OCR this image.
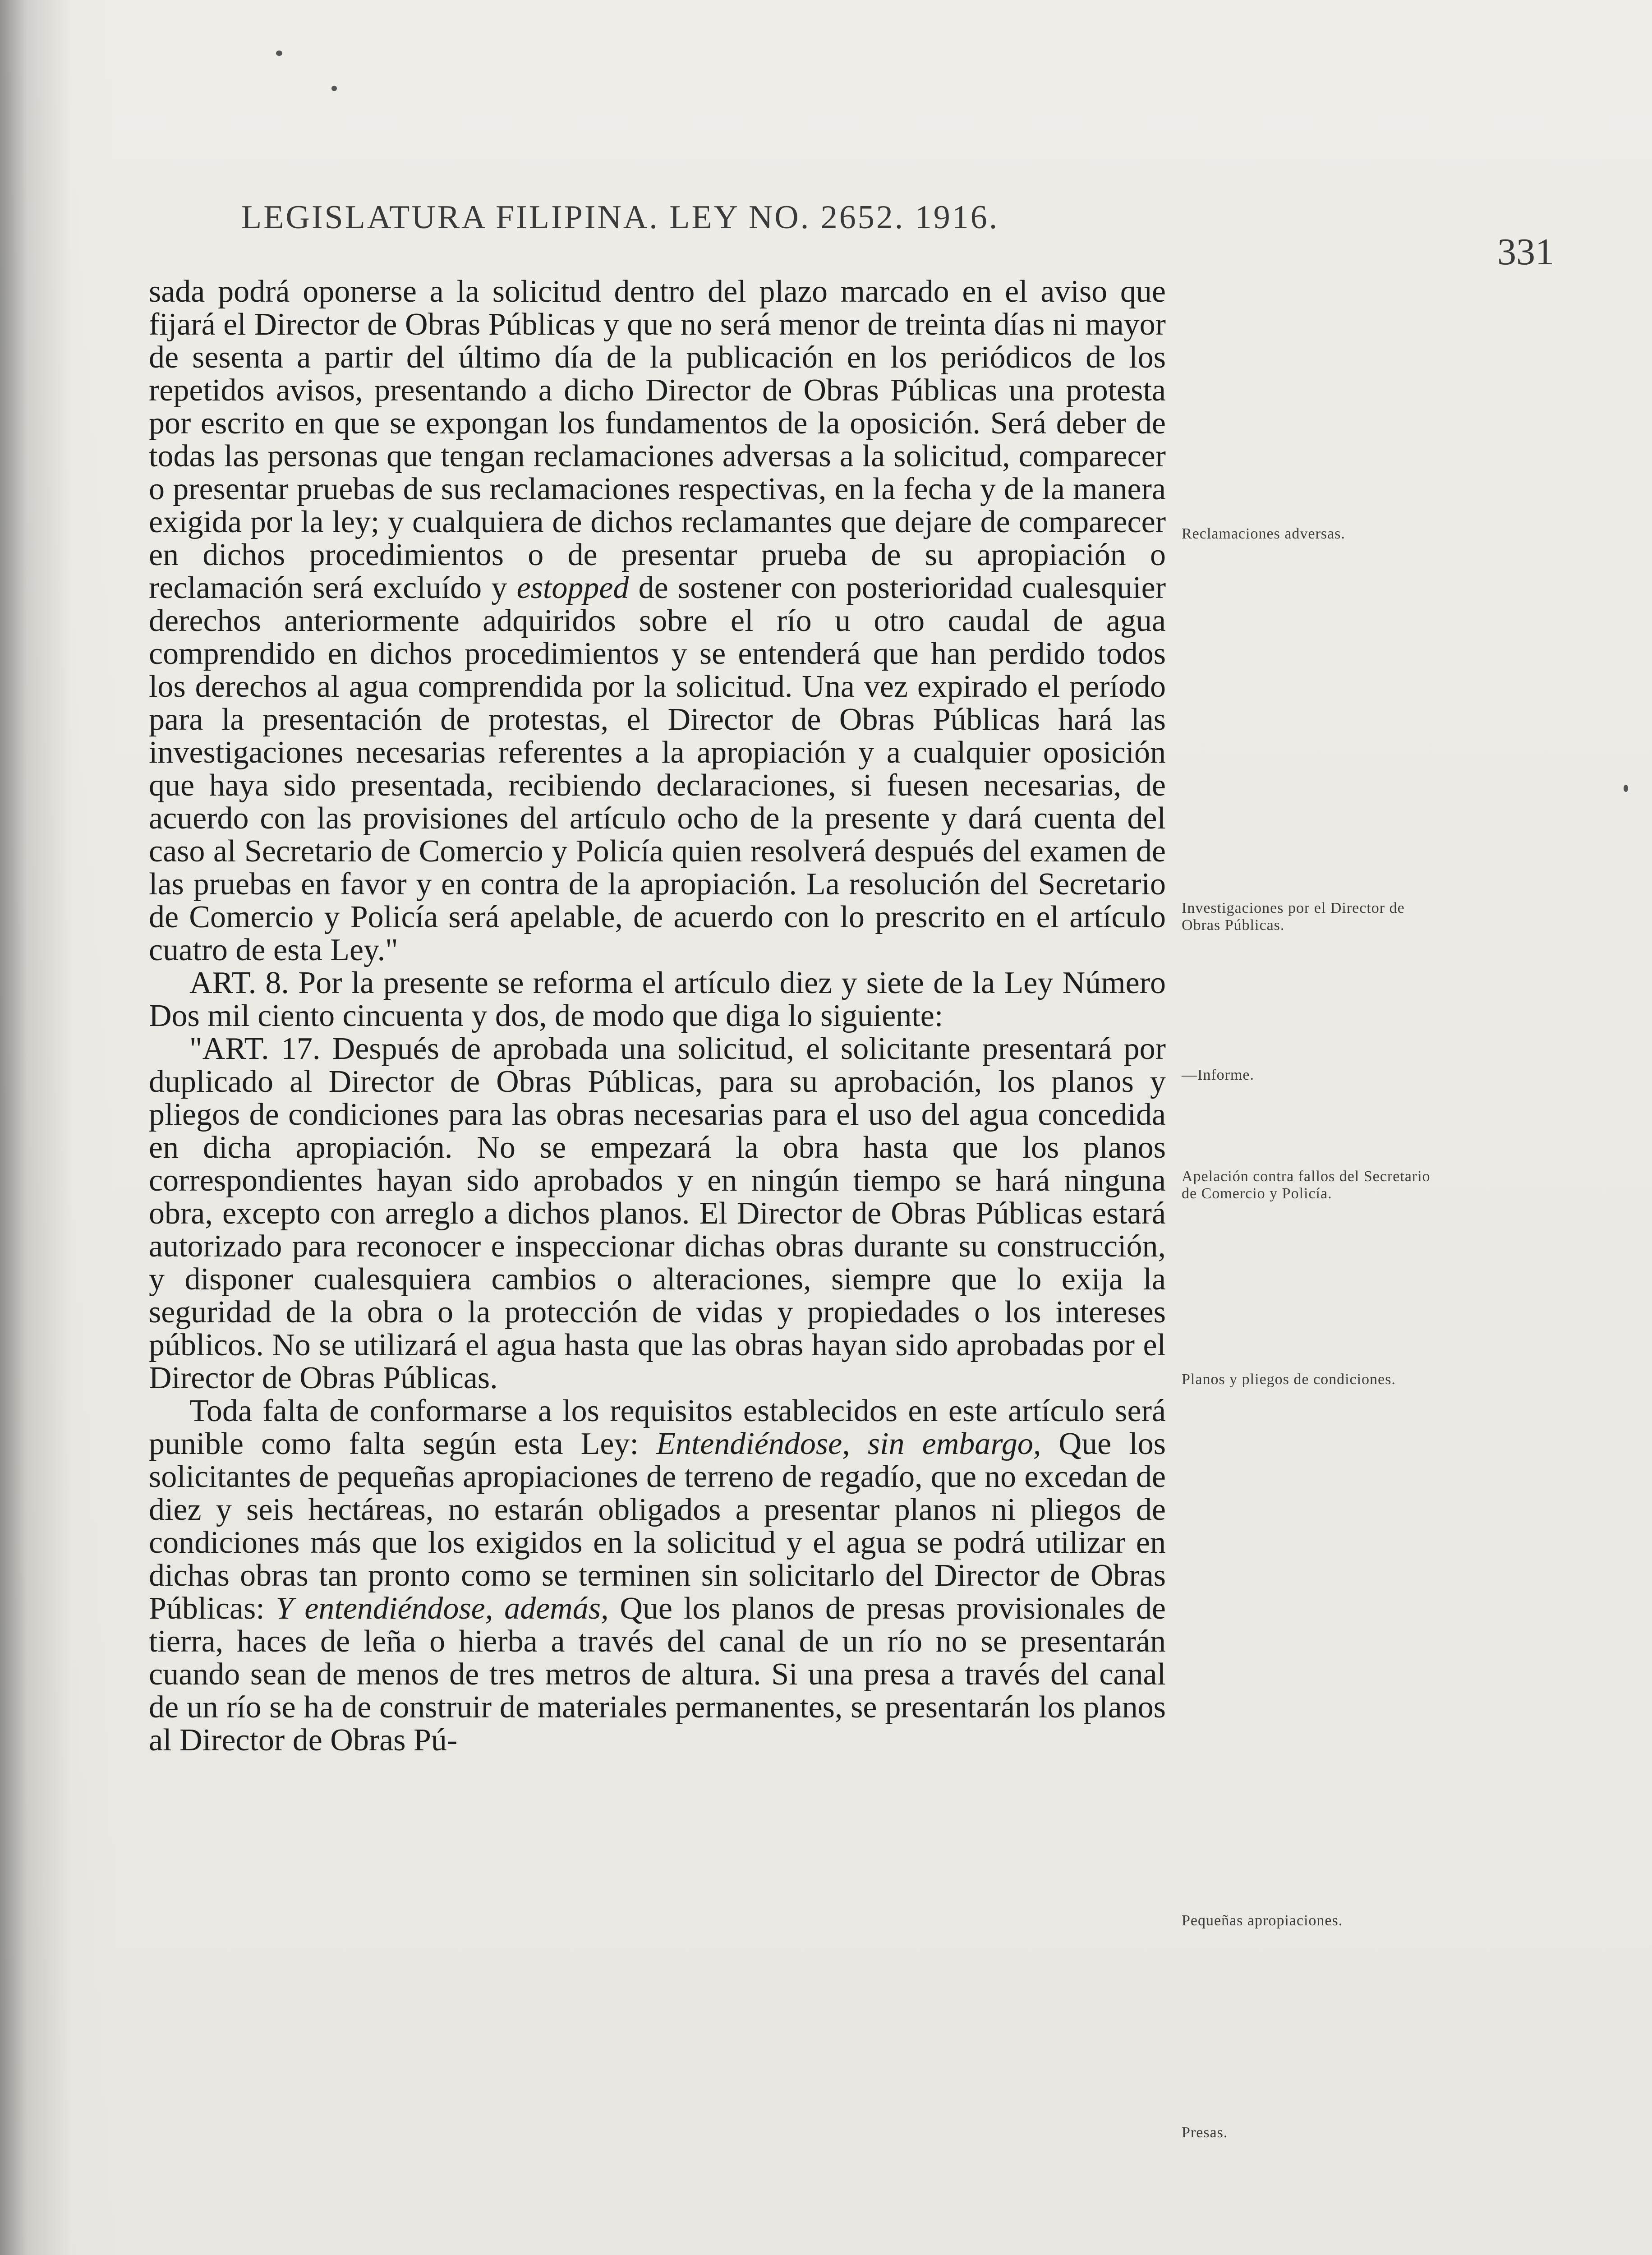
LEGISLATURA FILIPINA. LEY NO. 2652. 1916.
331

sada podrá oponerse a la solicitud dentro del plazo marcado en el aviso que fijará el Director de Obras Públicas y que no será menor de treinta días ni mayor de sesenta a partir del último día de la publicación en los periódicos de los repetidos avisos, presentando a dicho Director de Obras Públicas una protesta por escrito en que se expongan los fundamentos de la oposición. Será deber de todas las personas que tengan reclamaciones adversas a la solicitud, comparecer o presentar pruebas de sus reclamaciones respectivas, en la fecha y de la manera exigida por la ley; y cualquiera de dichos reclamantes que dejare de comparecer en dichos procedimientos o de presentar prueba de su apropiación o reclamación será excluído y estopped de sostener con posterioridad cualesquier derechos anteriormente adquiridos sobre el río u otro caudal de agua comprendido en dichos procedimientos y se entenderá que han perdido todos los derechos al agua comprendida por la solicitud. Una vez expirado el período para la presentación de protestas, el Director de Obras Públicas hará las investigaciones necesarias referentes a la apropiación y a cualquier oposición que haya sido presentada, recibiendo declaraciones, si fuesen necesarias, de acuerdo con las provisiones del artículo ocho de la presente y dará cuenta del caso al Secretario de Comercio y Policía quien resolverá después del examen de las pruebas en favor y en contra de la apropiación. La resolución del Secretario de Comercio y Policía será apelable, de acuerdo con lo prescrito en el artículo cuatro de esta Ley."

ART. 8. Por la presente se reforma el artículo diez y siete de la Ley Número Dos mil ciento cincuenta y dos, de modo que diga lo siguiente:

"ART. 17. Después de aprobada una solicitud, el solicitante presentará por duplicado al Director de Obras Públicas, para su aprobación, los planos y pliegos de condiciones para las obras necesarias para el uso del agua concedida en dicha apropiación. No se empezará la obra hasta que los planos correspondientes hayan sido aprobados y en ningún tiempo se hará ninguna obra, excepto con arreglo a dichos planos. El Director de Obras Públicas estará autorizado para reconocer e inspeccionar dichas obras durante su construcción, y disponer cualesquiera cambios o alteraciones, siempre que lo exija la seguridad de la obra o la protección de vidas y propiedades o los intereses públicos. No se utilizará el agua hasta que las obras hayan sido aprobadas por el Director de Obras Públicas.

Toda falta de conformarse a los requisitos establecidos en este artículo será punible como falta según esta Ley: Entendiéndose, sin embargo, Que los solicitantes de pequeñas apropiaciones de terreno de regadío, que no excedan de diez y seis hectáreas, no estarán obligados a presentar planos ni pliegos de condiciones más que los exigidos en la solicitud y el agua se podrá utilizar en dichas obras tan pronto como se terminen sin solicitarlo del Director de Obras Públicas: Y entendiéndose, además, Que los planos de presas provisionales de tierra, haces de leña o hierba a través del canal de un río no se presentarán cuando sean de menos de tres metros de altura. Si una presa a través del canal de un río se ha de construir de materiales permanentes, se presentarán los planos al Director de Obras Pú-

Reclamaciones adversas.
Investigaciones por el Director de Obras Públicas.
—Informe.
Apelación contra fallos del Secretario de Comercio y Policía.
Planos y pliegos de condiciones.
Pequeñas apropiaciones.
Presas.
